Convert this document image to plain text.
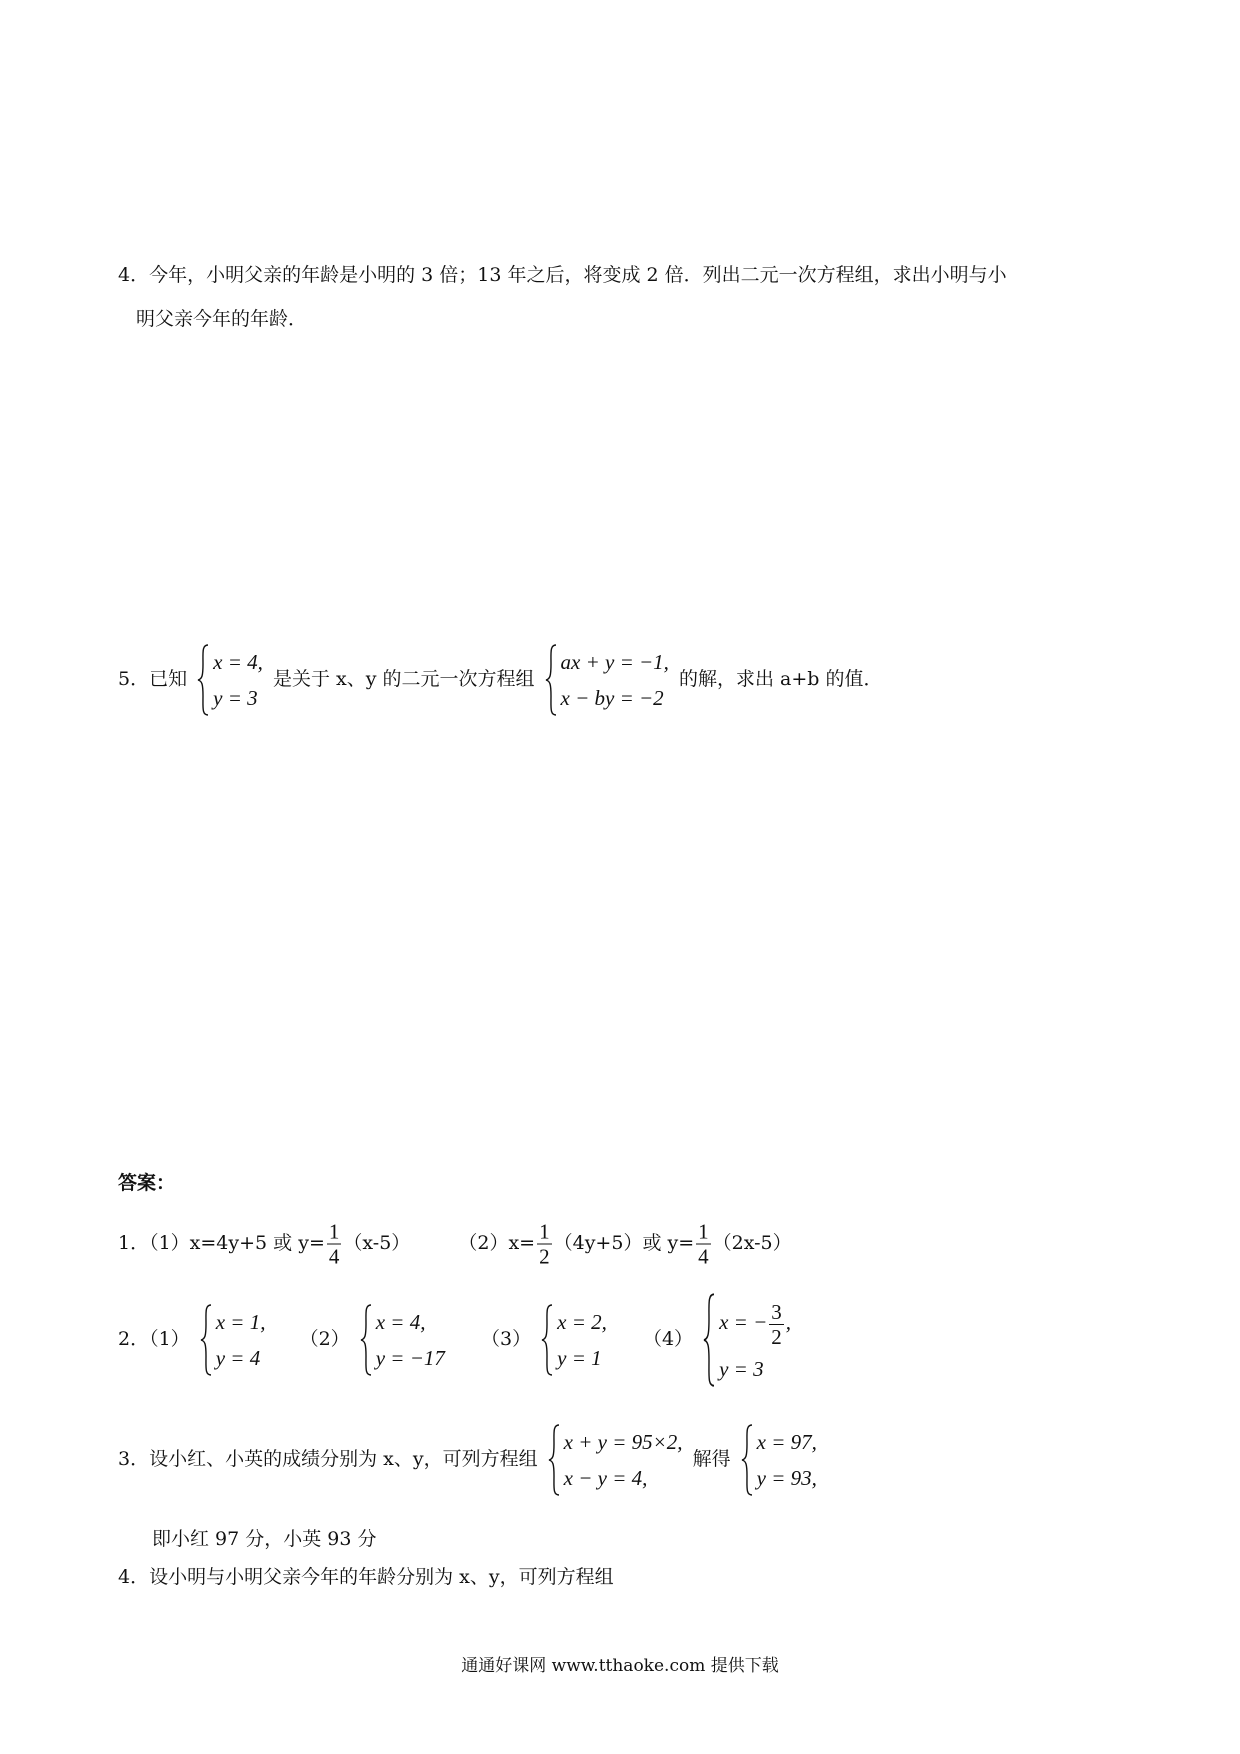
4．今年，小明父亲的年龄是小明的 3 倍；13 年之后，将变成 2 倍．列出二元一次方程组，求出小明与小
明父亲今年的年龄．
5．已知
x = 4,
y = 3
是关于 x、y 的二元一次方程组
ax + y = −1,
x − by = −2
的解，求出 a+b 的值．
答案：
1．（1）x=4y+5 或 $y= \frac{1}{4} (x-5)$	$(2)x= \frac{1}{2} (4y+5)$或 $y= \frac{1}{4} (2x-5)$
2．（1）
x = 1,
y = 4
（2）
x = 4,
y = −17
（3）
x = 2,
y = 1
（4）
x = − $\frac{3}{2}$ ,
y = 3
3．设小红、小英的成绩分别为 x、y，可列方程组
x + y = 95×2,
x − y = 4,
解得
x = 97,
y = 93,
即小红 97 分，小英 93 分
4．设小明与小明父亲今年的年龄分别为 x、y，可列方程组
通通好课网 www.tthaoke.com 提供下载
